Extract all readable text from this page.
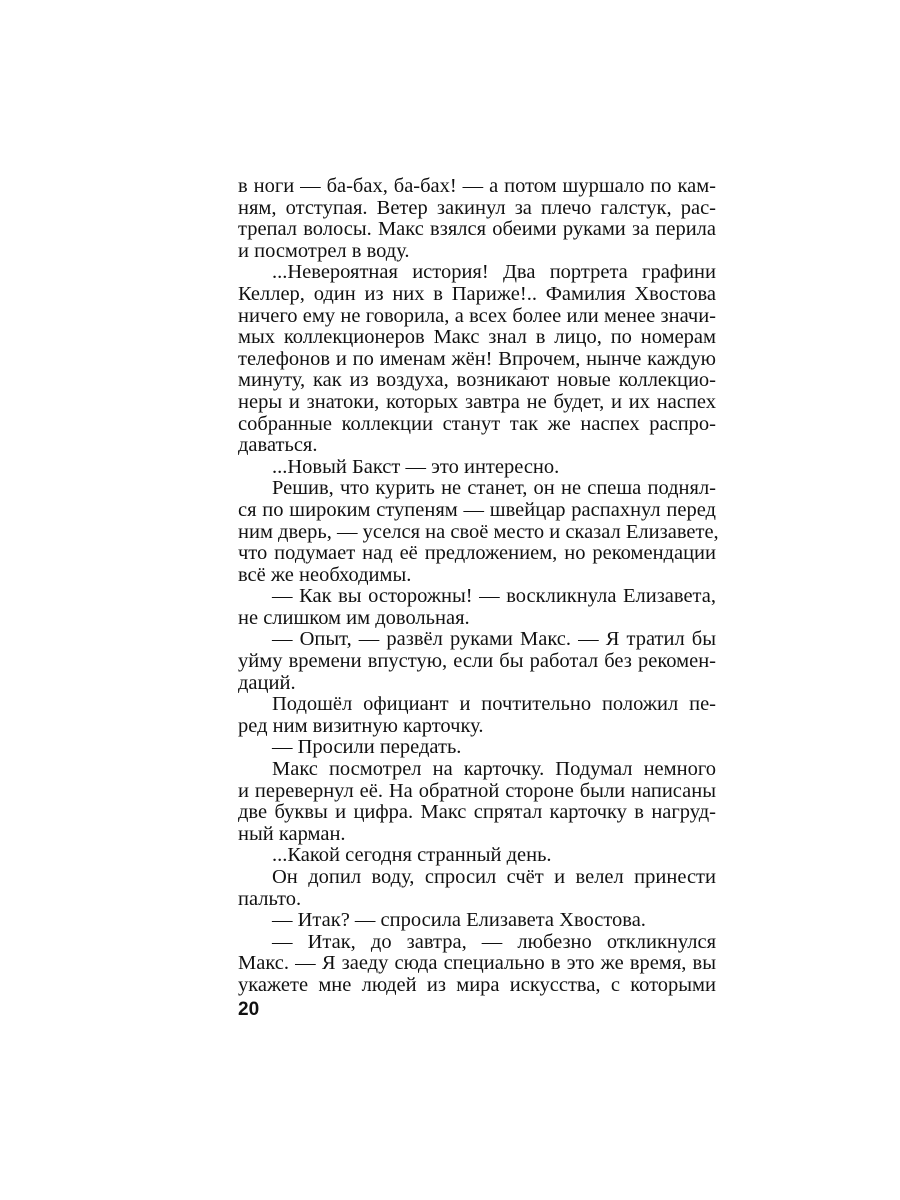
в ноги — ба-бах, ба-бах! — а потом шуршало по кам-
ням, отступая. Ветер закинул за плечо галстук, рас-
трепал волосы. Макс взялся обеими руками за перила
и посмотрел в воду.
...Невероятная история! Два портрета графини
Келлер, один из них в Париже!.. Фамилия Хвостова
ничего ему не говорила, а всех более или менее значи-
мых коллекционеров Макс знал в лицо, по номерам
телефонов и по именам жён! Впрочем, нынче каждую
минуту, как из воздуха, возникают новые коллекцио-
неры и знатоки, которых завтра не будет, и их наспех
собранные коллекции станут так же наспех распро-
даваться.
...Новый Бакст — это интересно.
Решив, что курить не станет, он не спеша поднял-
ся по широким ступеням — швейцар распахнул перед
ним дверь, — уселся на своё место и сказал Елизавете,
что подумает над её предложением, но рекомендации
всё же необходимы.
— Как вы осторожны! — воскликнула Елизавета,
не слишком им довольная.
— Опыт, — развёл руками Макс. — Я тратил бы
уйму времени впустую, если бы работал без рекомен-
даций.
Подошёл официант и почтительно положил пе-
ред ним визитную карточку.
— Просили передать.
Макс посмотрел на карточку. Подумал немного
и перевернул её. На обратной стороне были написаны
две буквы и цифра. Макс спрятал карточку в нагруд-
ный карман.
...Какой сегодня странный день.
Он допил воду, спросил счёт и велел принести
пальто.
— Итак? — спросила Елизавета Хвостова.
— Итак, до завтра, — любезно откликнулся
Макс. — Я заеду сюда специально в это же время, вы
укажете мне людей из мира искусства, с которыми
20
